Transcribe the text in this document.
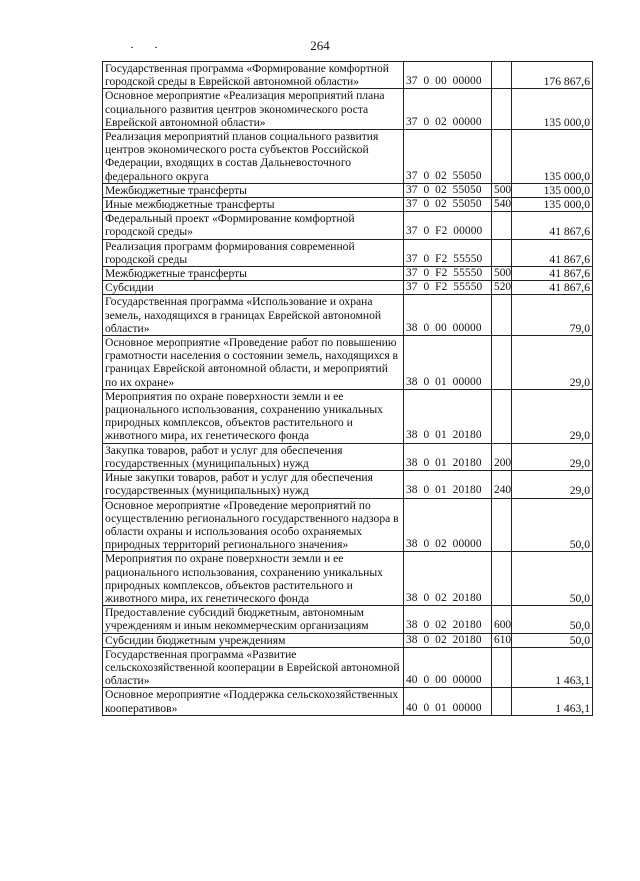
264
Государственная программа «Формирование комфортной городской среды в Еврейской автономной области»	37  0  00  00000		176 867,6
Основное мероприятие «Реализация мероприятий плана социального развития центров экономического роста Еврейской автономной области»	37  0  02  00000		135 000,0
Реализация мероприятий планов социального развития центров экономического роста субъектов Российской Федерации, входящих в состав Дальневосточного федерального округа	37  0  02  55050		135 000,0
Межбюджетные трансферты	37  0  02  55050	500	135 000,0
Иные межбюджетные трансферты	37  0  02  55050	540	135 000,0
Федеральный проект «Формирование комфортной городской среды»	37  0  F2  00000		41 867,6
Реализация программ формирования современной городской среды	37  0  F2  55550		41 867,6
Межбюджетные трансферты	37  0  F2  55550	500	41 867,6
Субсидии	37  0  F2  55550	520	41 867,6
Государственная программа «Использование и охрана земель, находящихся в границах Еврейской автономной области»	38  0  00  00000		79,0
Основное мероприятие «Проведение работ по повышению грамотности населения о состоянии земель, находящихся в границах Еврейской автономной области, и мероприятий по их охране»	38  0  01  00000		29,0
Мероприятия по охране поверхности земли и ее рационального использования, сохранению уникальных природных комплексов, объектов растительного и животного мира, их генетического фонда	38  0  01  20180		29,0
Закупка товаров, работ и услуг для обеспечения государственных (муниципальных) нужд	38  0  01  20180	200	29,0
Иные закупки товаров, работ и услуг для обеспечения государственных (муниципальных) нужд	38  0  01  20180	240	29,0
Основное мероприятие «Проведение мероприятий по осуществлению регионального государственного надзора в области охраны и использования особо охраняемых природных территорий регионального значения»	38  0  02  00000		50,0
Мероприятия по охране поверхности земли и ее рационального использования, сохранению уникальных природных комплексов, объектов растительного и животного мира, их генетического фонда	38  0  02  20180		50,0
Предоставление субсидий бюджетным, автономным учреждениям и иным некоммерческим организациям	38  0  02  20180	600	50,0
Субсидии бюджетным учреждениям	38  0  02  20180	610	50,0
Государственная программа «Развитие сельскохозяйственной кооперации в Еврейской автономной области»	40  0  00  00000		1 463,1
Основное мероприятие «Поддержка сельскохозяйственных кооперативов»	40  0  01  00000		1 463,1
